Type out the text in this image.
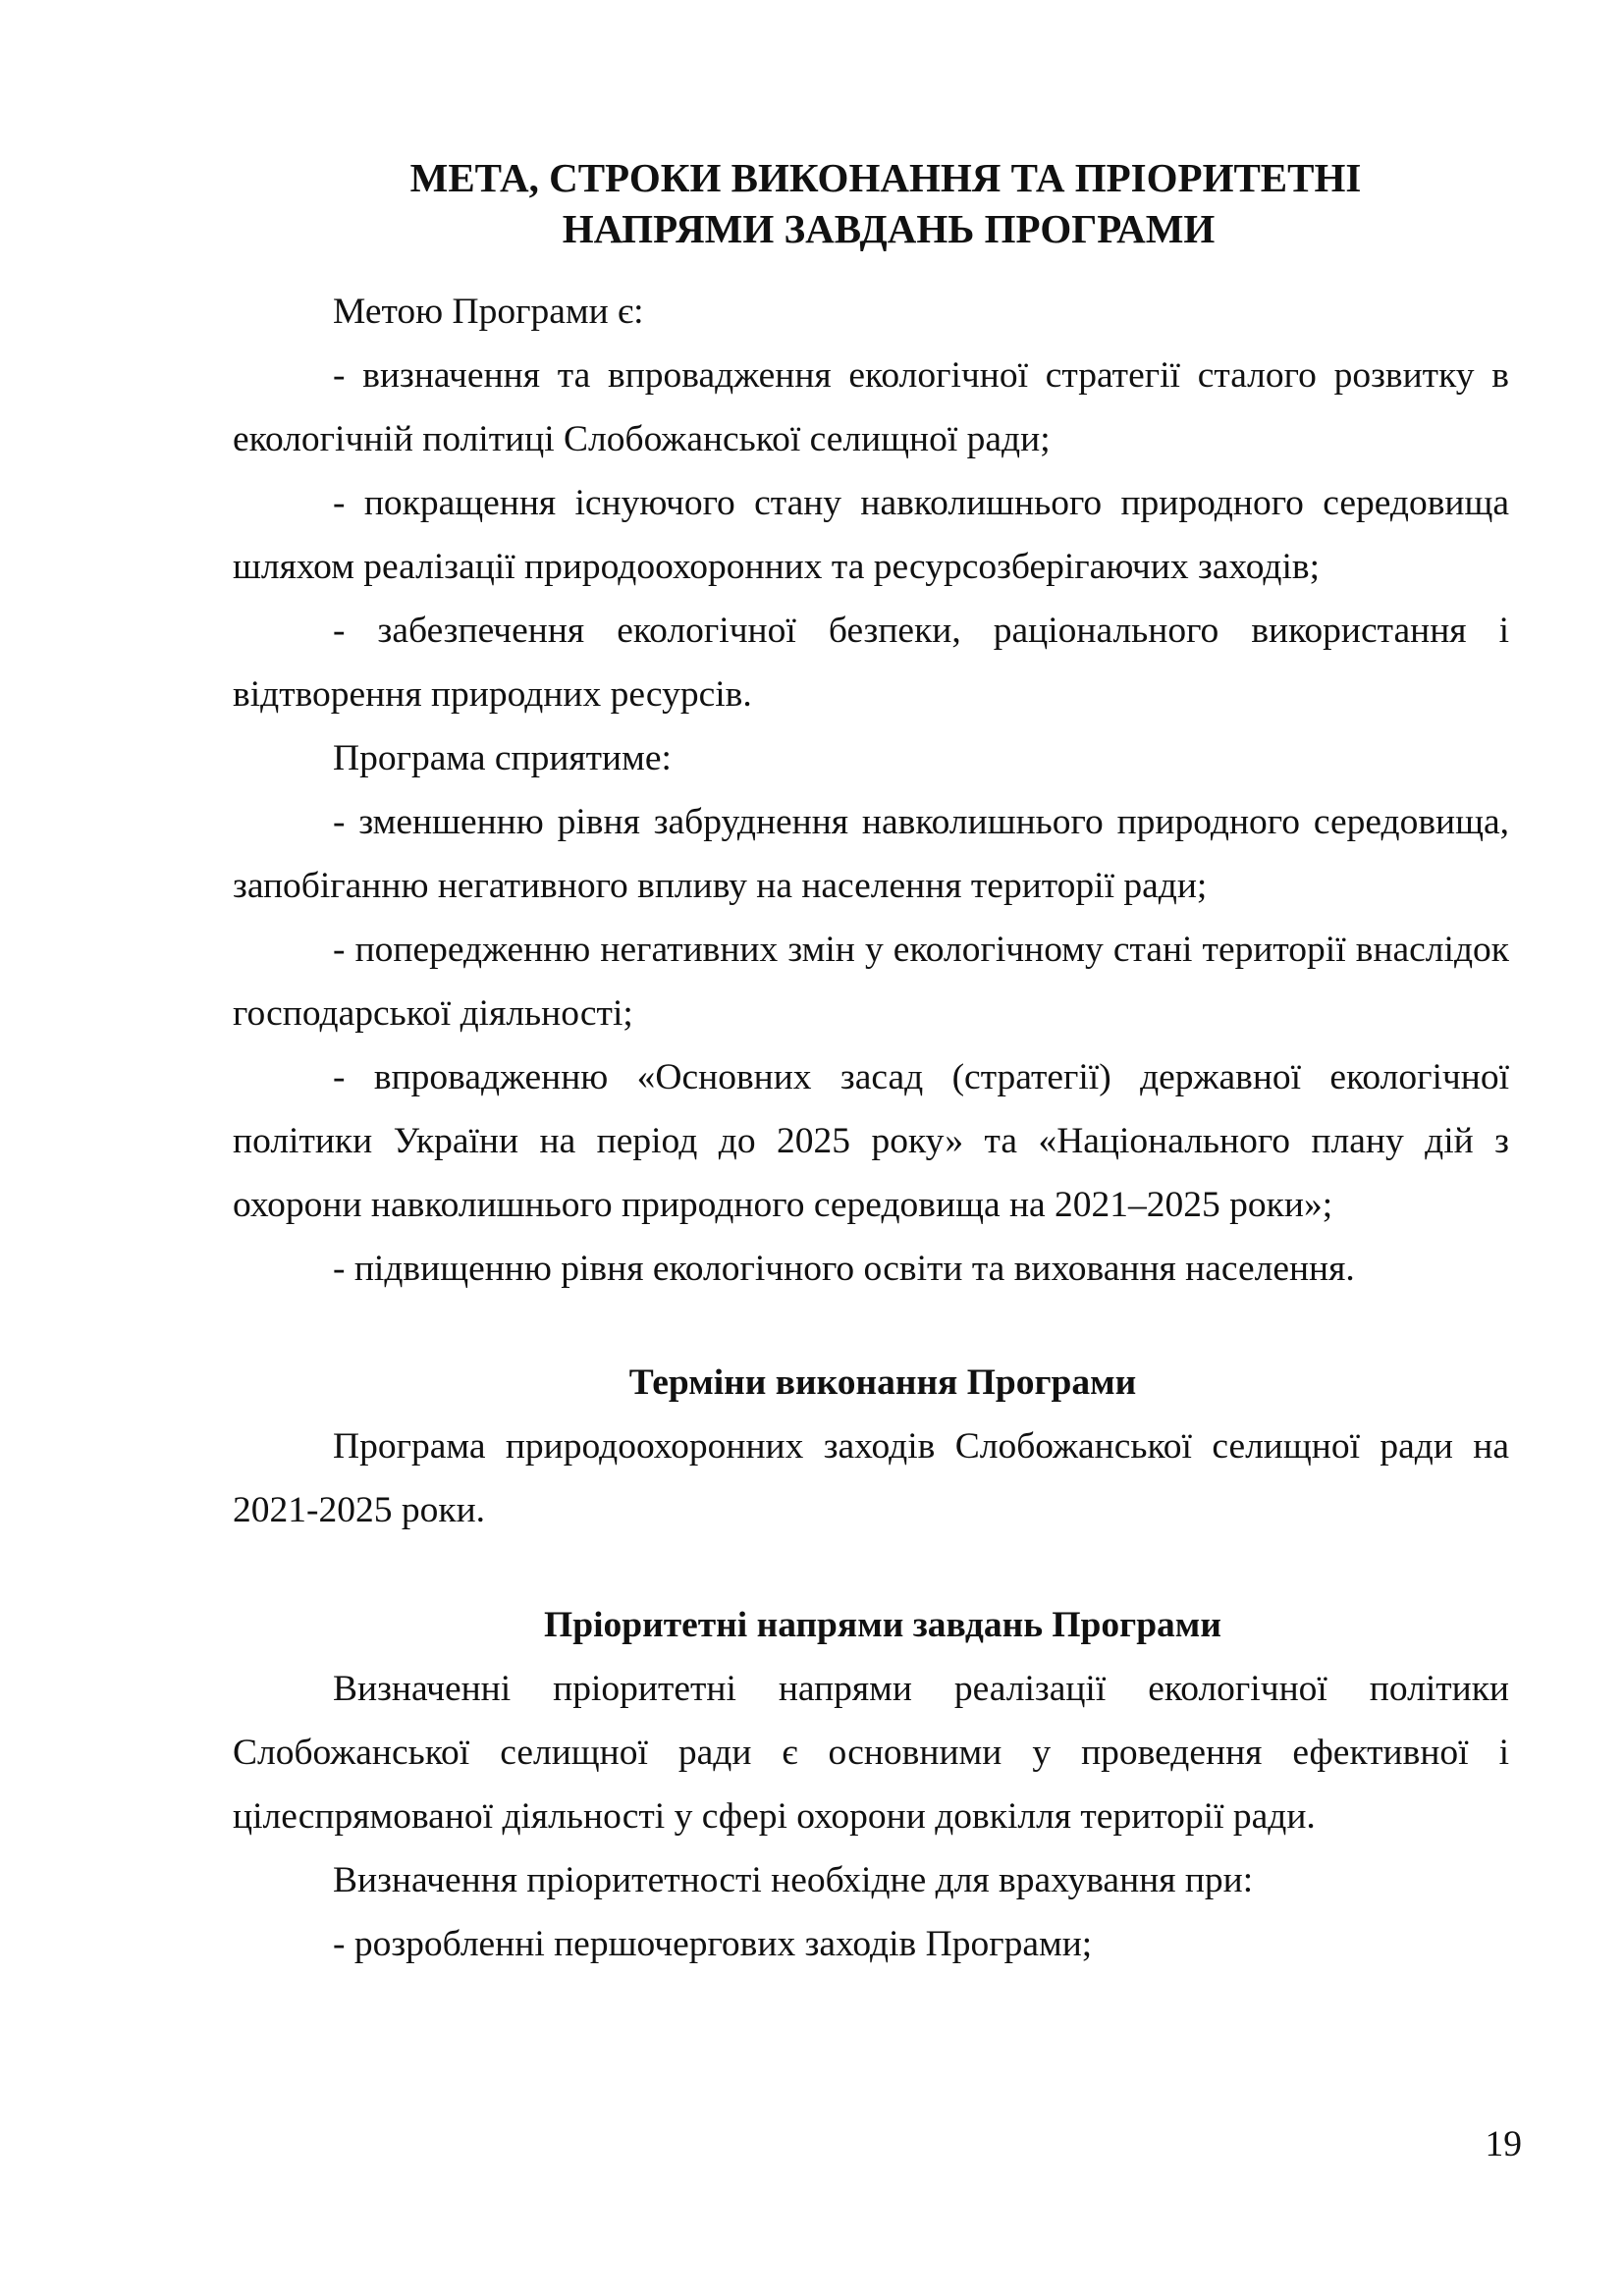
МЕТА, СТРОКИ ВИКОНАННЯ ТА ПРІОРИТЕТНІ
НАПРЯМИ ЗАВДАНЬ ПРОГРАМИ

Метою Програми є:

- визначення та впровадження екологічної стратегії сталого розвитку в екологічній політиці Слобожанської селищної ради;

- покращення існуючого стану навколишнього природного середовища шляхом реалізації природоохоронних та ресурсозберігаючих заходів;

- забезпечення екологічної безпеки, раціонального використання і відтворення природних ресурсів.

Програма сприятиме:

- зменшенню рівня забруднення навколишнього природного середовища, запобіганню негативного впливу на населення території ради;

- попередженню негативних змін у екологічному стані території внаслідок господарської діяльності;

- впровадженню «Основних засад (стратегії) державної екологічної політики України на період до 2025 року» та «Національного плану дій з охорони навколишнього природного середовища на 2021–2025 роки»;

- підвищенню рівня екологічного освіти та виховання населення.

Терміни виконання Програми

Програма природоохоронних заходів Слобожанської селищної ради на 2021-2025 роки.

Пріоритетні напрями завдань Програми

Визначенні пріоритетні напрями реалізації екологічної політики Слобожанської селищної ради є основними у проведення ефективної і цілеспрямованої діяльності у сфері охорони довкілля території ради.

Визначення пріоритетності необхідне для врахування при:

- розробленні першочергових заходів Програми;

19
